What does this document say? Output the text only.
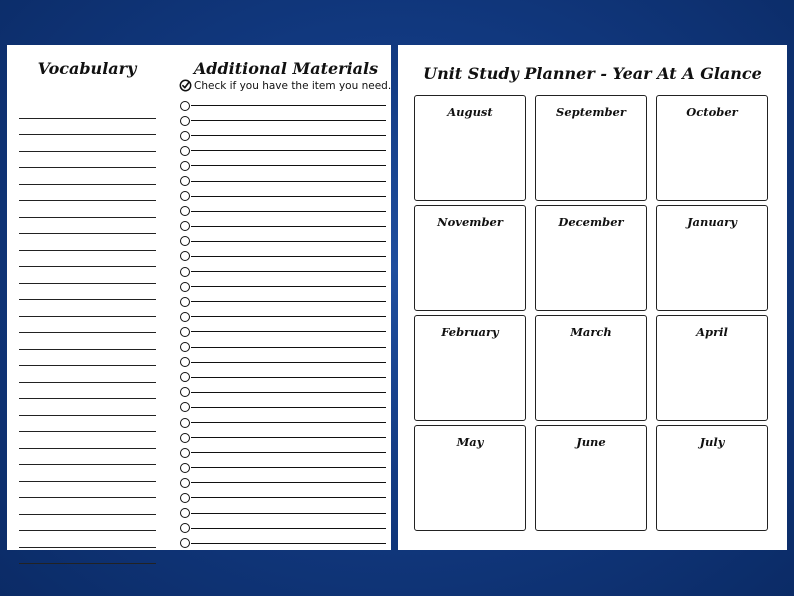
Vocabulary	Additional Materials
Check if you have the item you need.
Unit Study Planner - Year At A Glance
August	September	October
November	December	January
February	March	April
May	June	July
